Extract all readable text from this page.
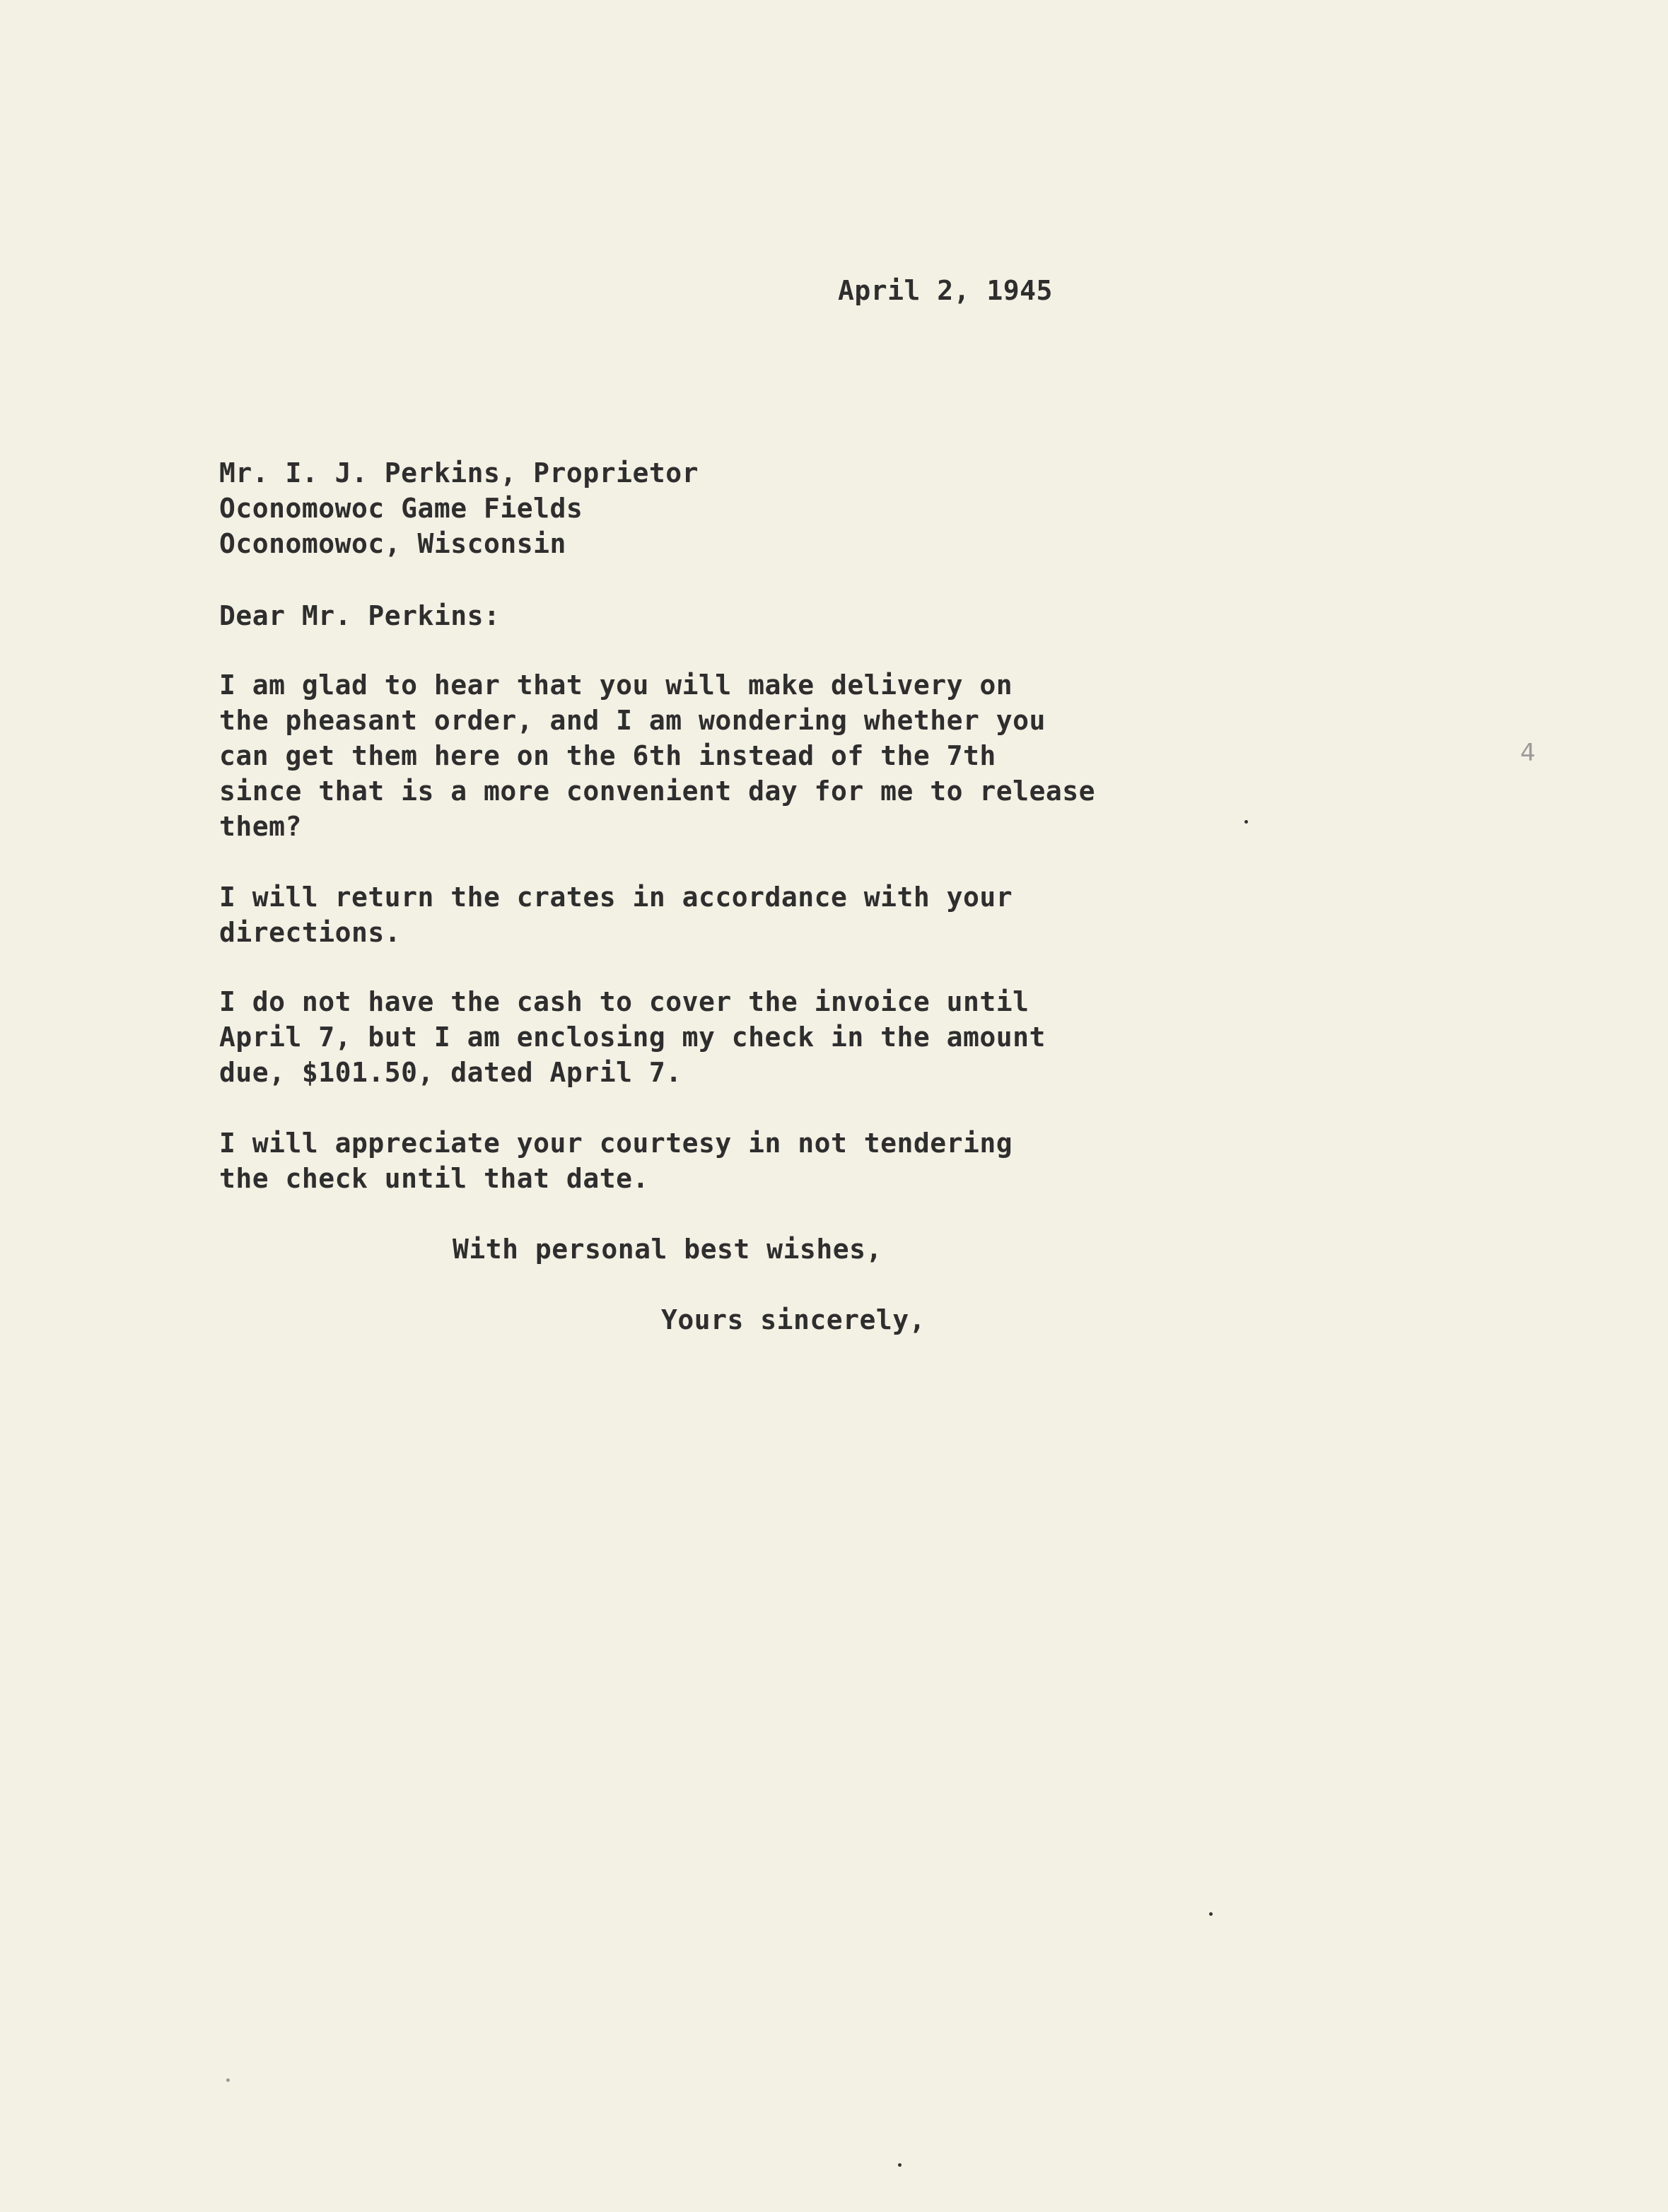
April 2, 1945

Mr. I. J. Perkins, Proprietor

Oconomowoc Game Fields

Oconomowoc, Wisconsin

Dear Mr. Perkins:

I am glad to hear that you will make delivery on

the pheasant order, and I am wondering whether you

can get them here on the 6th instead of the 7th

since that is a more convenient day for me to release

them?

I will return the crates in accordance with your

directions.

I do not have the cash to cover the invoice until

April 7, but I am enclosing my check in the amount

due, $101.50, dated April 7.

I will appreciate your courtesy in not tendering

the check until that date.

With personal best wishes,

Yours sincerely,

4
